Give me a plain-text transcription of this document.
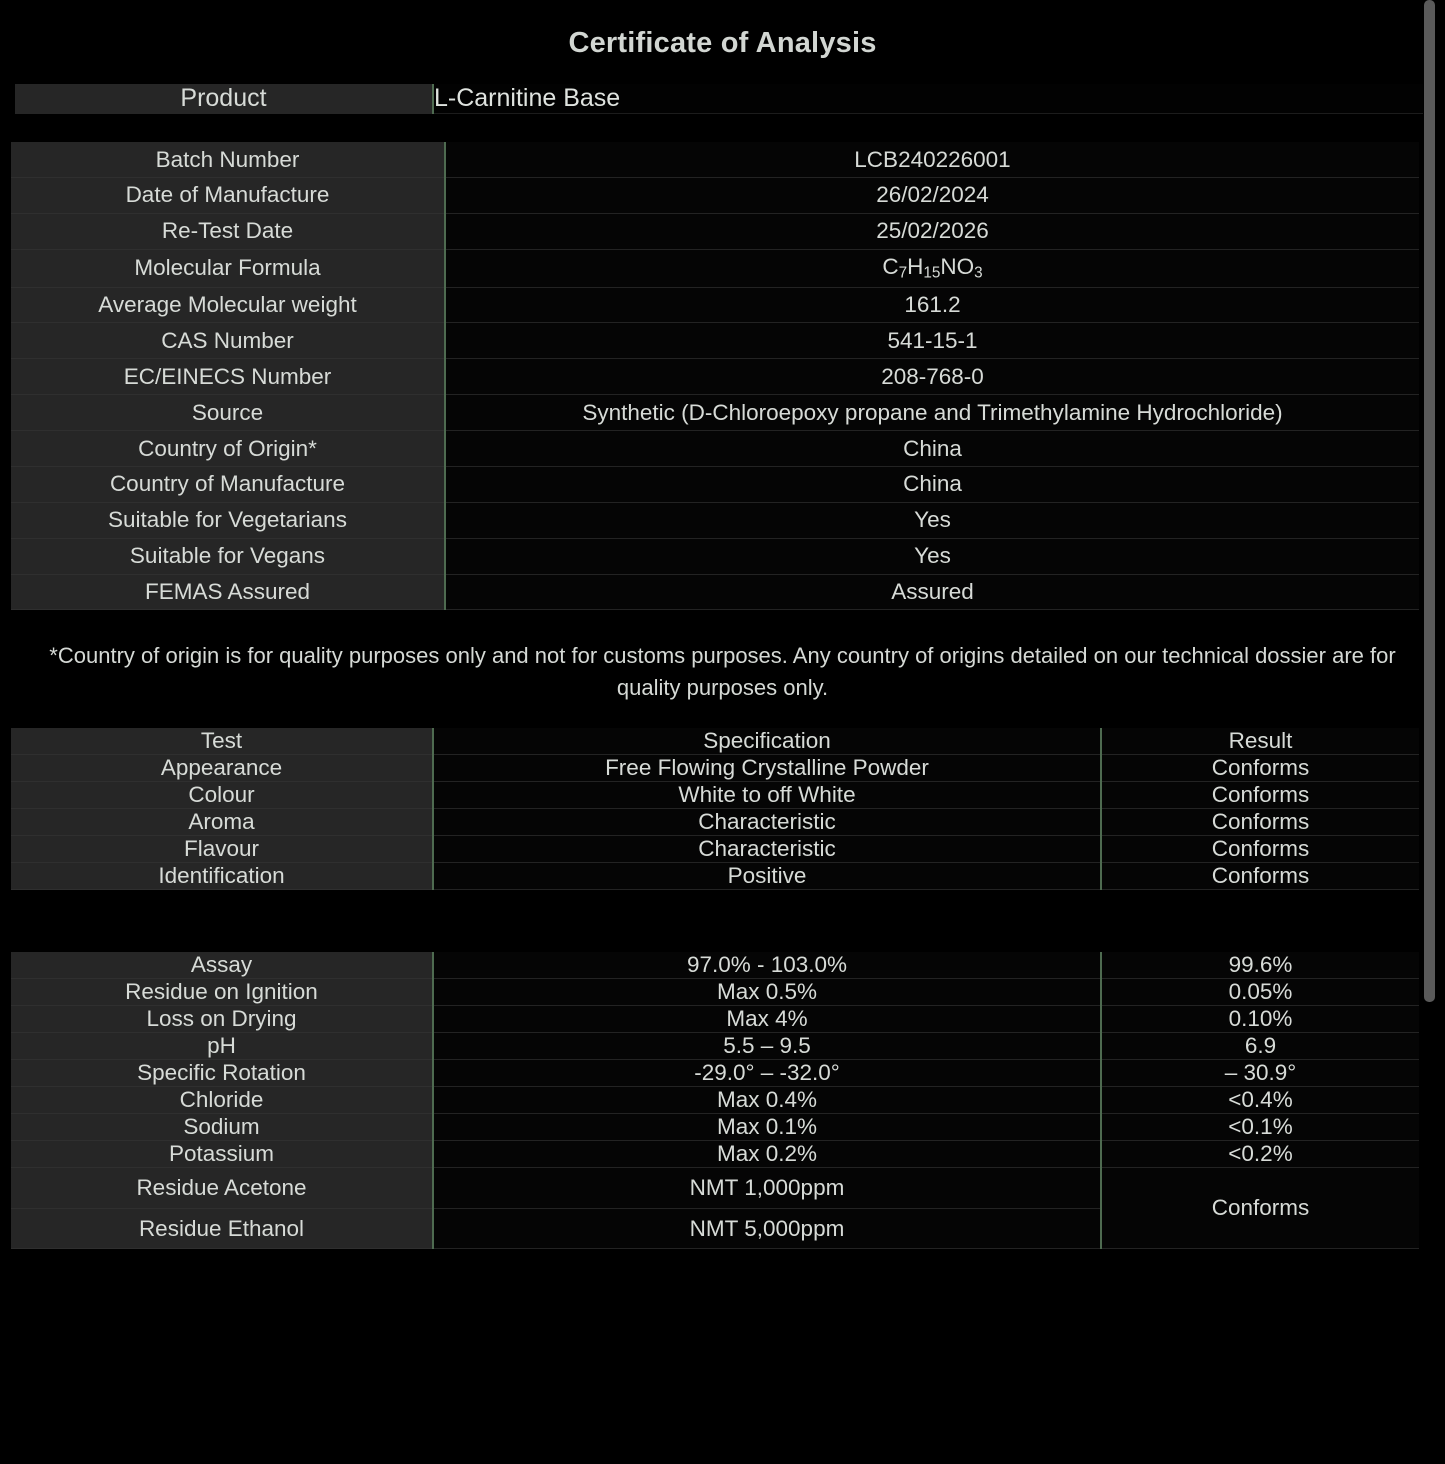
Certificate of Analysis
Product	L-Carnitine Base
Batch Number	LCB240226001
Date of Manufacture	26/02/2024
Re-Test Date	25/02/2026
Molecular Formula	$C_7H_{15}NO_3$
Average Molecular weight	161.2
CAS Number	541-15-1
EC/EINECS Number	208-768-0
Source	Synthetic (D-Chloroepoxy propane and Trimethylamine Hydrochloride)
Country of Origin*	China
Country of Manufacture	China
Suitable for Vegetarians	Yes
Suitable for Vegans	Yes
FEMAS Assured	Assured
*Country of origin is for quality purposes only and not for customs purposes. Any country of origins detailed on our technical dossier are for quality purposes only.
Test	Specification	Result
Appearance	Free Flowing Crystalline Powder	Conforms
Colour	White to off White	Conforms
Aroma	Characteristic	Conforms
Flavour	Characteristic	Conforms
Identification	Positive	Conforms
Assay	97.0% - 103.0%	99.6%
Residue on Ignition	Max 0.5%	0.05%
Loss on Drying	Max 4%	0.10%
pH	5.5 – 9.5	6.9
Specific Rotation	-29.0° – -32.0°	– 30.9°
Chloride	Max 0.4%	<0.4%
Sodium	Max 0.1%	<0.1%
Potassium	Max 0.2%	<0.2%
Residue Acetone	NMT 1,000ppm	Conforms
Residue Ethanol	NMT 5,000ppm	
